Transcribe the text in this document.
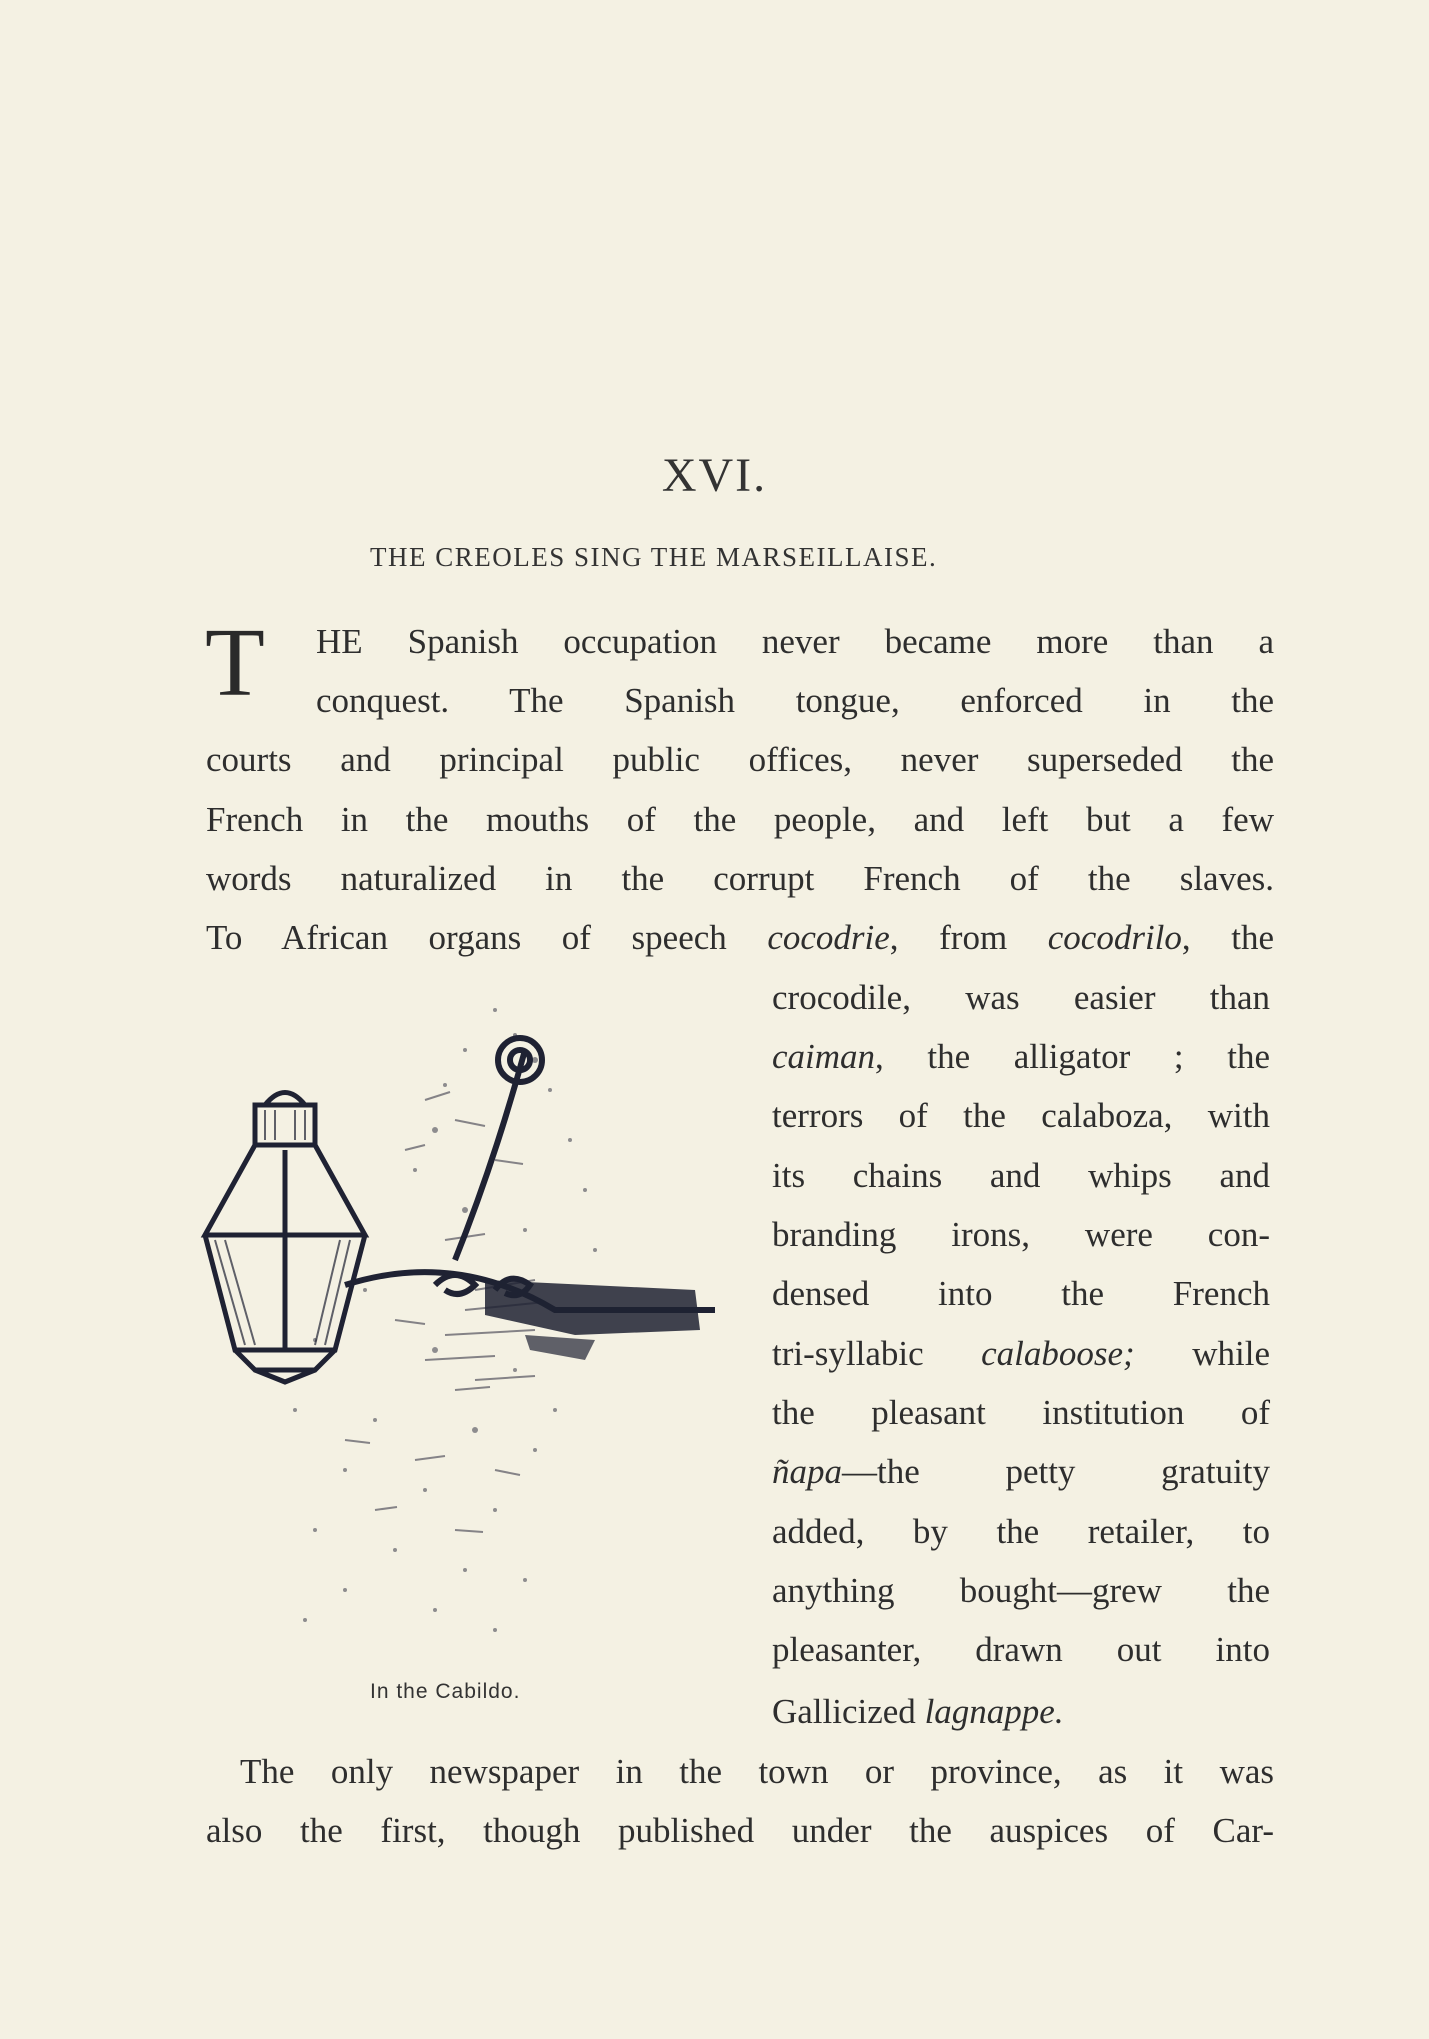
XVI.
THE CREOLES SING THE MARSEILLAISE.
T HE Spanish occupation never became more than a
conquest. The Spanish tongue, enforced in the
courts and principal public offices, never superseded the
French in the mouths of the people, and left but a few
words naturalized in the corrupt French of the slaves.
To African organs of speech cocodrie, from cocodrilo, the
crocodile, was easier than
caiman, the alligator ; the
terrors of the calaboza, with
its chains and whips and
branding irons, were con-
densed into the French
tri-syllabic calaboose; while
the pleasant institution of
ñapa—the petty gratuity
added, by the retailer, to
anything bought—grew the
pleasanter, drawn out into
Gallicized lagnappe.
The only newspaper in the town or province, as it was
also the first, though published under the auspices of Car-
In the Cabildo.
